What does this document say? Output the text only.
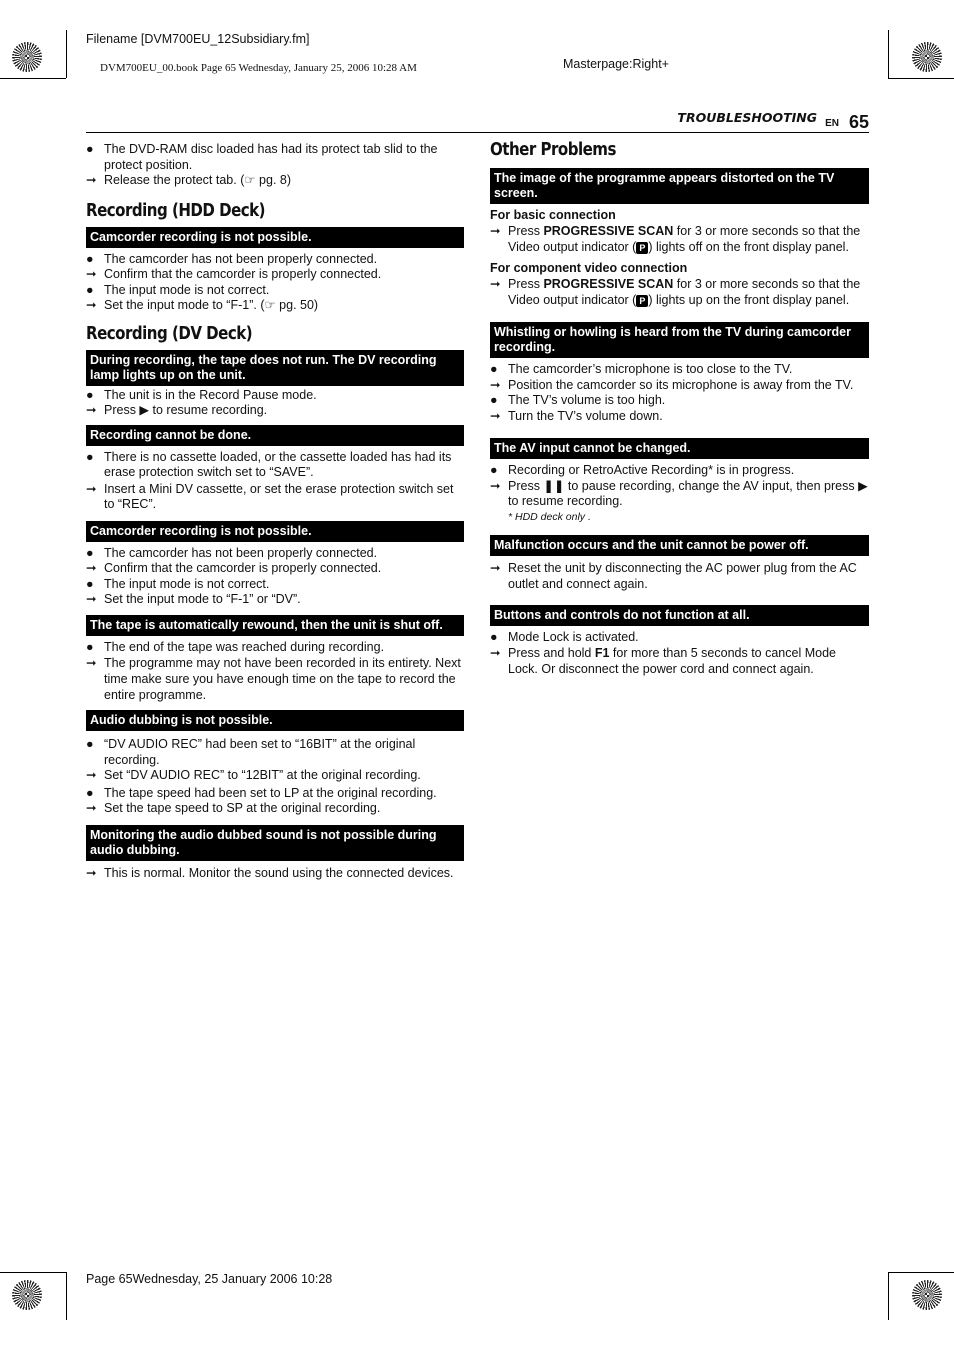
Filename [DVM700EU_12Subsidiary.fm]
DVM700EU_00.book Page 65 Wednesday, January 25, 2006 10:28 AM	Masterpage:Right+
TROUBLESHOOTING EN 65
● The DVD-RAM disc loaded has had its protect tab slid to the protect position.
➞ Release the protect tab. (☞ pg. 8)
Recording (HDD Deck)
Camcorder recording is not possible.
● The camcorder has not been properly connected.
➞ Confirm that the camcorder is properly connected.
● The input mode is not correct.
➞ Set the input mode to “F-1”. (☞ pg. 50)
Recording (DV Deck)
During recording, the tape does not run. The DV recording lamp lights up on the unit.
● The unit is in the Record Pause mode.
➞ Press ▶ to resume recording.
Recording cannot be done.
● There is no cassette loaded, or the cassette loaded has had its erase protection switch set to “SAVE”.
➞ Insert a Mini DV cassette, or set the erase protection switch set to “REC”.
Camcorder recording is not possible.
● The camcorder has not been properly connected.
➞ Confirm that the camcorder is properly connected.
● The input mode is not correct.
➞ Set the input mode to “F-1” or “DV”.
The tape is automatically rewound, then the unit is shut off.
● The end of the tape was reached during recording.
➞ The programme may not have been recorded in its entirety. Next time make sure you have enough time on the tape to record the entire programme.
Audio dubbing is not possible.
● “DV AUDIO REC” had been set to “16BIT” at the original recording.
➞ Set “DV AUDIO REC” to “12BIT” at the original recording.
● The tape speed had been set to LP at the original recording.
➞ Set the tape speed to SP at the original recording.
Monitoring the audio dubbed sound is not possible during audio dubbing.
➞ This is normal. Monitor the sound using the connected devices.
Other Problems
The image of the programme appears distorted on the TV screen.
For basic connection
➞ Press PROGRESSIVE SCAN for 3 or more seconds so that the Video output indicator ( P ) lights off on the front display panel.
For component video connection
➞ Press PROGRESSIVE SCAN for 3 or more seconds so that the Video output indicator ( P ) lights up on the front display panel.
Whistling or howling is heard from the TV during camcorder recording.
● The camcorder’s microphone is too close to the TV.
➞ Position the camcorder so its microphone is away from the TV.
● The TV’s volume is too high.
➞ Turn the TV’s volume down.
The AV input cannot be changed.
● Recording or RetroActive Recording* is in progress.
➞ Press ❚❚ to pause recording, change the AV input, then press ▶ to resume recording.
* HDD deck only .
Malfunction occurs and the unit cannot be power off.
➞ Reset the unit by disconnecting the AC power plug from the AC outlet and connect again.
Buttons and controls do not function at all.
● Mode Lock is activated.
➞ Press and hold F1 for more than 5 seconds to cancel Mode Lock. Or disconnect the power cord and connect again.
Page 65Wednesday, 25 January 2006 10:28
